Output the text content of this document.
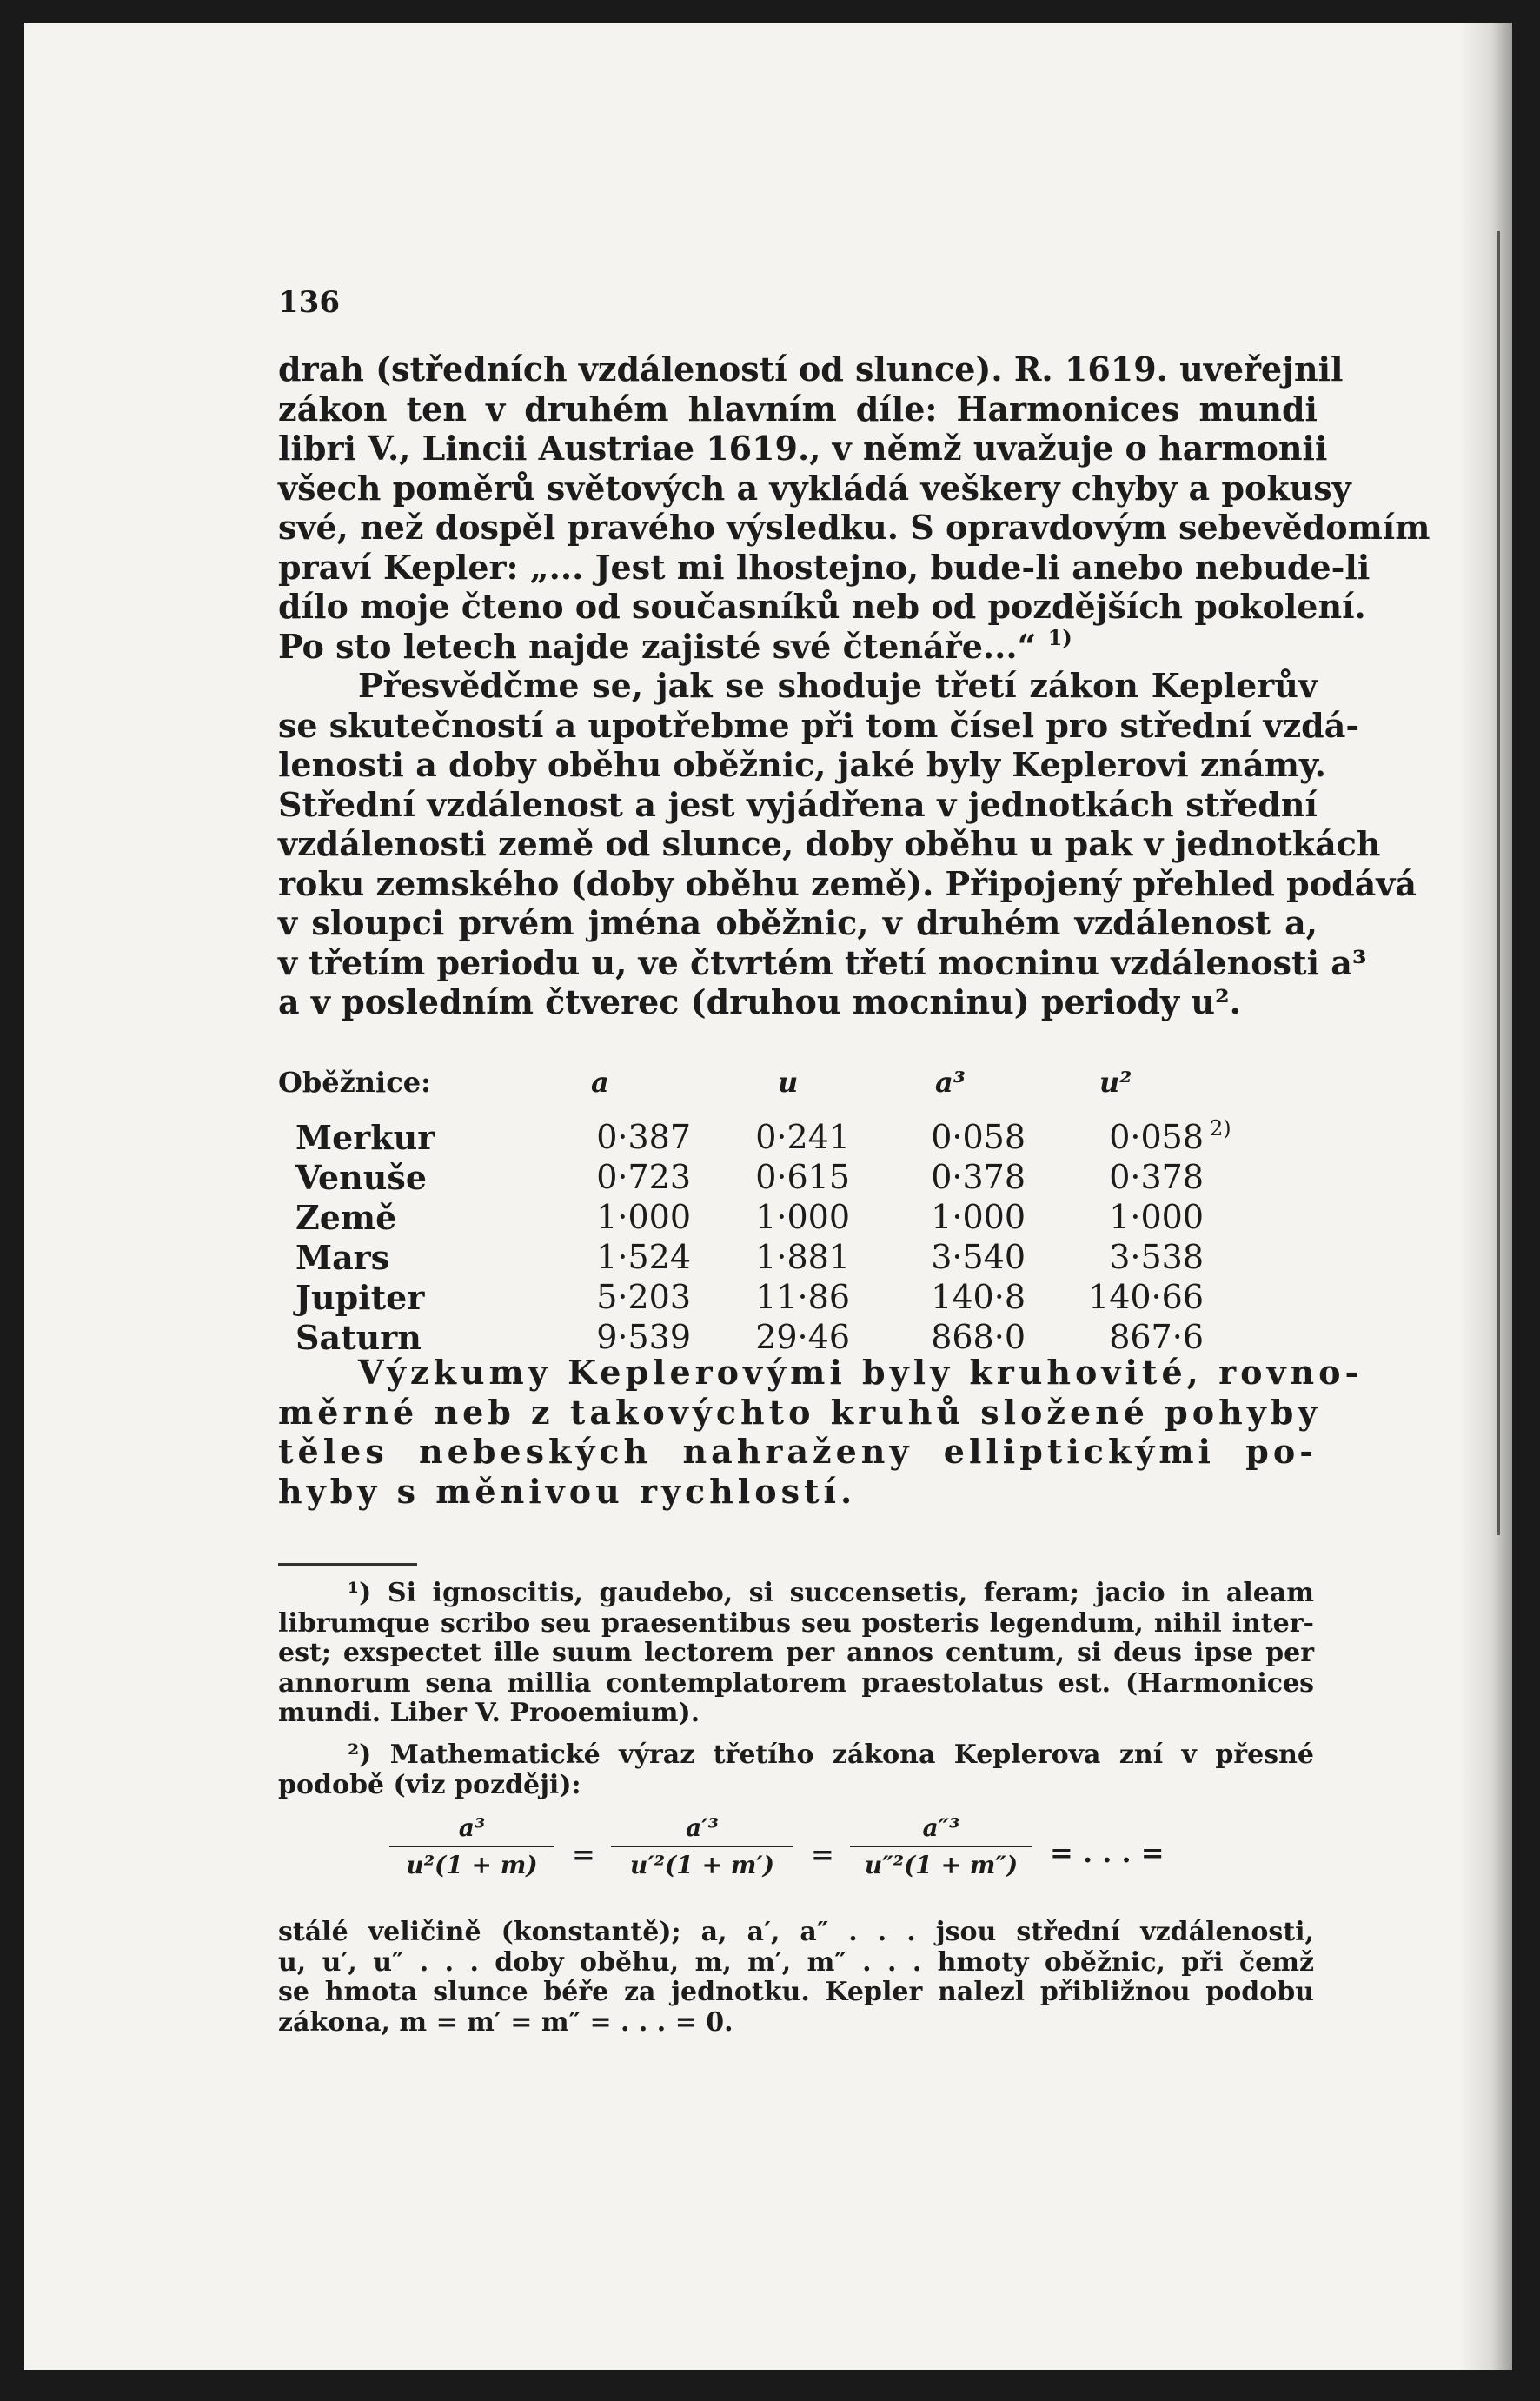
136
drah (středních vzdáleností od slunce). R. 1619. uveřejnil
zákon ten v druhém hlavním díle: Harmonices mundi
libri V., Lincii Austriae 1619., v němž uvažuje o harmonii
všech poměrů světových a vykládá veškery chyby a pokusy
své, než dospěl pravého výsledku. S opravdovým sebevědomím
praví Kepler: „... Jest mi lhostejno, bude-li anebo nebude-li
dílo moje čteno od současníků neb od pozdějších pokolení.
Po sto letech najde zajisté své čtenáře...“ $^{1)}$
Přesvědčme se, jak se shoduje třetí zákon Keplerův
se skutečností a upotřebme při tom čísel pro střední vzdá-
lenosti a doby oběhu oběžnic, jaké byly Keplerovi známy.
Střední vzdálenost a jest vyjádřena v jednotkách střední
vzdálenosti země od slunce, doby oběhu u pak v jednotkách
roku zemského (doby oběhu země). Připojený přehled podává
v sloupci prvém jména oběžnic, v druhém vzdálenost a,
v třetím periodu u, ve čtvrtém třetí mocninu vzdálenosti a³
a v posledním čtverec (druhou mocninu) periody u².
Oběžnice:	a	u	a³	u²
Merkur	0·387	0·241	0·058	0·058 $^{2)}$
Venuše	0·723	0·615	0·378	0·378
Země	1·000	1·000	1·000	1·000
Mars	1·524	1·881	3·540	3·538
Jupiter	5·203	11·86	140·8	140·66
Saturn	9·539	29·46	868·0	867·6
Výzkumy Keplerovými byly kruhovité, rovno-
měrné neb z takovýchto kruhů složené pohyby
těles nebeských nahraženy elliptickými po-
hyby s měnivou rychlostí.
¹) Si ignoscitis, gaudebo, si succensetis, feram; jacio in aleam
librumque scribo seu praesentibus seu posteris legendum, nihil inter-
est; exspectet ille suum lectorem per annos centum, si deus ipse per
annorum sena millia contemplatorem praestolatus est. (Harmonices
mundi. Liber V. Prooemium).
²) Mathematické výraz třetího zákona Keplerova zní v přesné
podobě (viz později):
$\frac{\text{a³}}{\text{u²(1 + m)}} = \frac{\text{a′³}}{\text{u′²(1 + m′)}} = \frac{\text{a″³}}{\text{u″²(1 + m″)}}$ = . . . =
stálé veličině (konstantě); a, a′, a″ . . . jsou střední vzdálenosti,
u, u′, u″ . . . doby oběhu, m, m′, m″ . . . hmoty oběžnic, při čemž
se hmota slunce béře za jednotku. Kepler nalezl přibližnou podobu
zákona, m = m′ = m″ = . . . = 0.
